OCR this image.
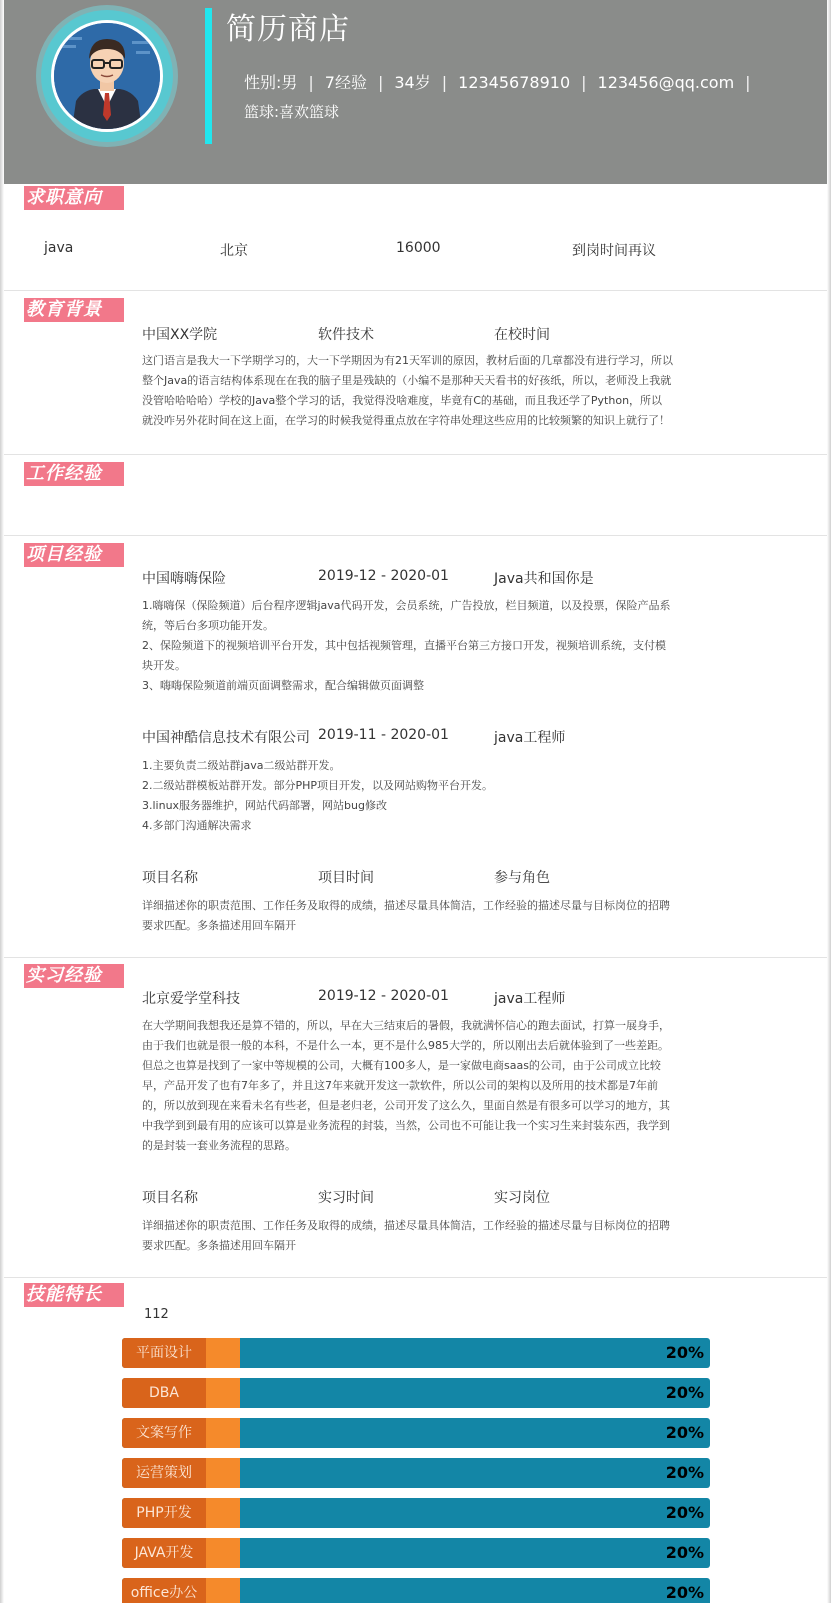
简历商店
性别:男 | 7经验 | 34岁 | 12345678910 | 123456@qq.com |
篮球:喜欢篮球
求职意向
java	北京	16000	到岗时间再议
教育背景
中国XX学院	软件技术	在校时间
这门语言是我大一下学期学习的，大一下学期因为有21天军训的原因，教材后面的几章都没有进行学习，所以
整个Java的语言结构体系现在在我的脑子里是残缺的（小编不是那种天天看书的好孩纸，所以，老师没上我就
没管哈哈哈哈）学校的Java整个学习的话，我觉得没啥难度，毕竟有C的基础，而且我还学了Python，所以
就没咋另外花时间在这上面，在学习的时候我觉得重点放在字符串处理这些应用的比较频繁的知识上就行了！
工作经验
项目经验
中国嗨嗨保险	2019-12 - 2020-01	Java共和国你是
1.嗨嗨保（保险频道）后台程序逻辑java代码开发，会员系统，广告投放，栏目频道，以及投票，保险产品系
统，等后台多项功能开发。
2、保险频道下的视频培训平台开发，其中包括视频管理，直播平台第三方接口开发，视频培训系统，支付模
块开发。
3、嗨嗨保险频道前端页面调整需求，配合编辑做页面调整
中国神酷信息技术有限公司 2019-11 - 2020-01	java工程师
1.主要负责二级站群java二级站群开发。
2.二级站群模板站群开发。部分PHP项目开发，以及网站购物平台开发。
3.linux服务器维护，网站代码部署，网站bug修改
4.多部门沟通解决需求
项目名称	项目时间	参与角色
详细描述你的职责范围、工作任务及取得的成绩，描述尽量具体简洁，工作经验的描述尽量与目标岗位的招聘
要求匹配。多条描述用回车隔开
实习经验
北京爱学堂科技	2019-12 - 2020-01	java工程师
在大学期间我想我还是算不错的，所以，早在大三结束后的暑假，我就满怀信心的跑去面试，打算一展身手，
由于我们也就是很一般的本科，不是什么一本，更不是什么985大学的，所以刚出去后就体验到了一些差距。
但总之也算是找到了一家中等规模的公司，大概有100多人，是一家做电商saas的公司，由于公司成立比较
早，产品开发了也有7年多了，并且这7年来就开发这一款软件，所以公司的架构以及所用的技术都是7年前
的，所以放到现在来看未名有些老，但是老归老，公司开发了这么久，里面自然是有很多可以学习的地方，其
中我学到到最有用的应该可以算是业务流程的封装，当然，公司也不可能让我一个实习生来封装东西，我学到
的是封装一套业务流程的思路。
项目名称	实习时间	实习岗位
详细描述你的职责范围、工作任务及取得的成绩，描述尽量具体简洁，工作经验的描述尽量与目标岗位的招聘
要求匹配。多条描述用回车隔开
技能特长
112
平面设计	20%
DBA	20%
文案写作	20%
运营策划	20%
PHP开发	20%
JAVA开发	20%
office办公	20%
